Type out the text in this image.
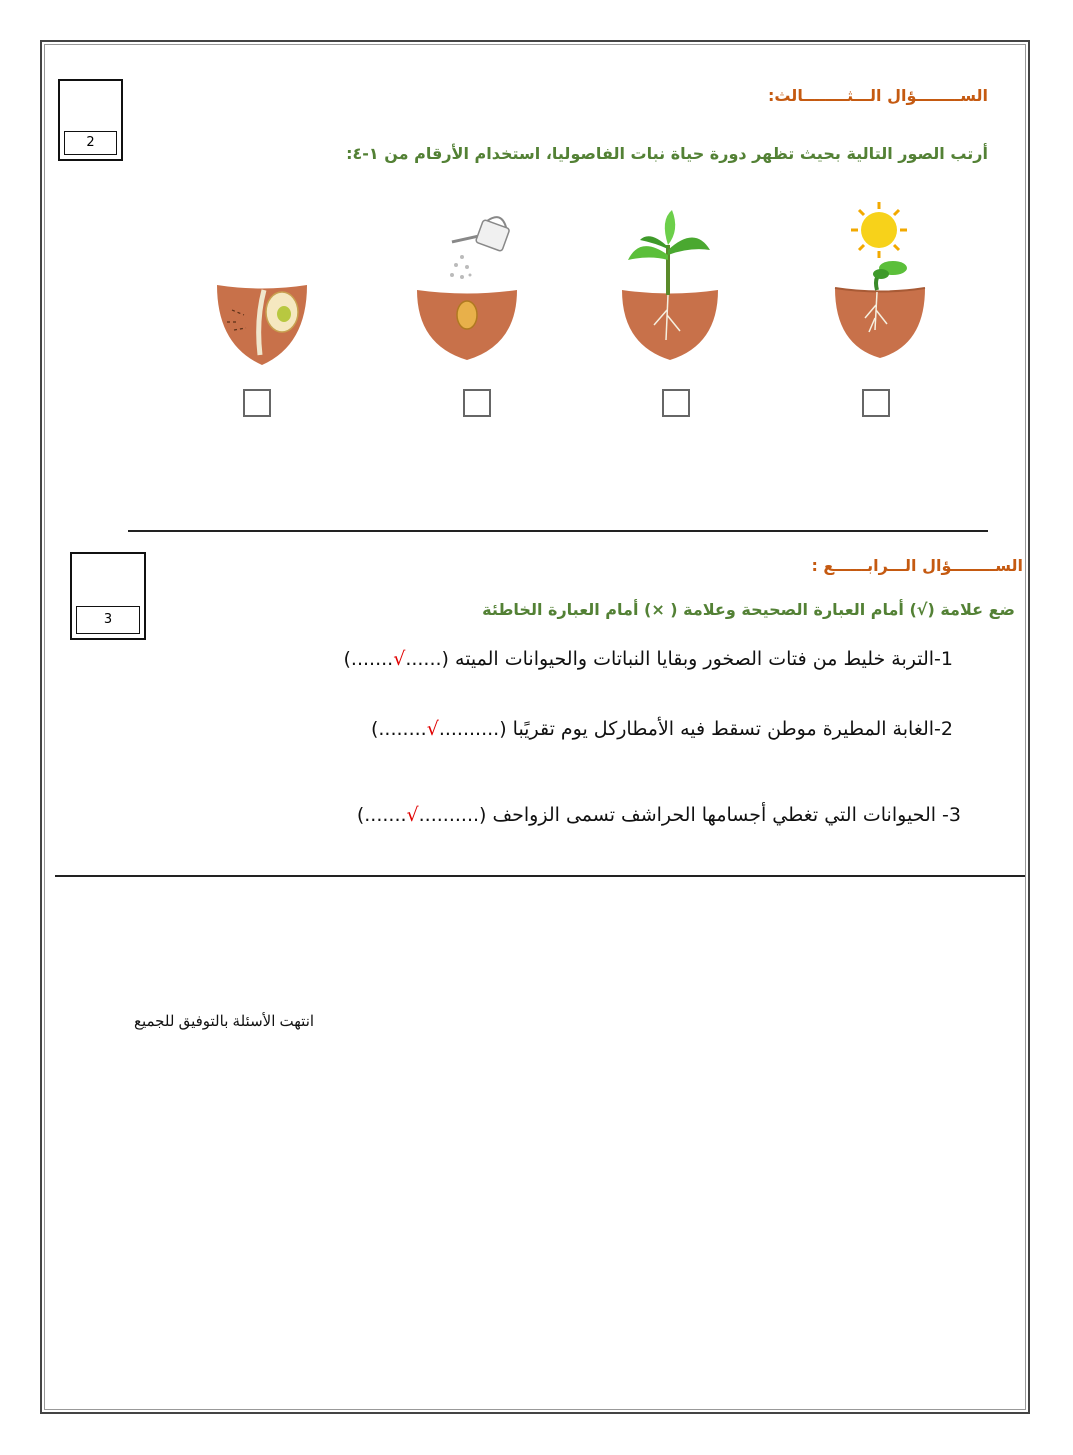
2
الســــــــؤال الـــثــــــــالث:
أرتب الصور التالية بحيث تظهر دورة حياة نبات الفاصوليا، استخدام الأرقام من ١-٤:
3
الســــــــؤال الـــرابــــــع :
ضع علامة (√) أمام العبارة الصحيحة وعلامة ( ×) أمام العبارة الخاطئة
1-التربة خليط من فتات الصخور وبقايا النباتات والحيوانات الميته (......√.......)
2-الغابة المطيرة موطن تسقط فيه الأمطاركل يوم تقريًبا (..........√........)
3- الحيوانات التي تغطي أجسامها الحراشف تسمى الزواحف (..........√.......)
انتهت الأسئلة بالتوفيق للجميع
